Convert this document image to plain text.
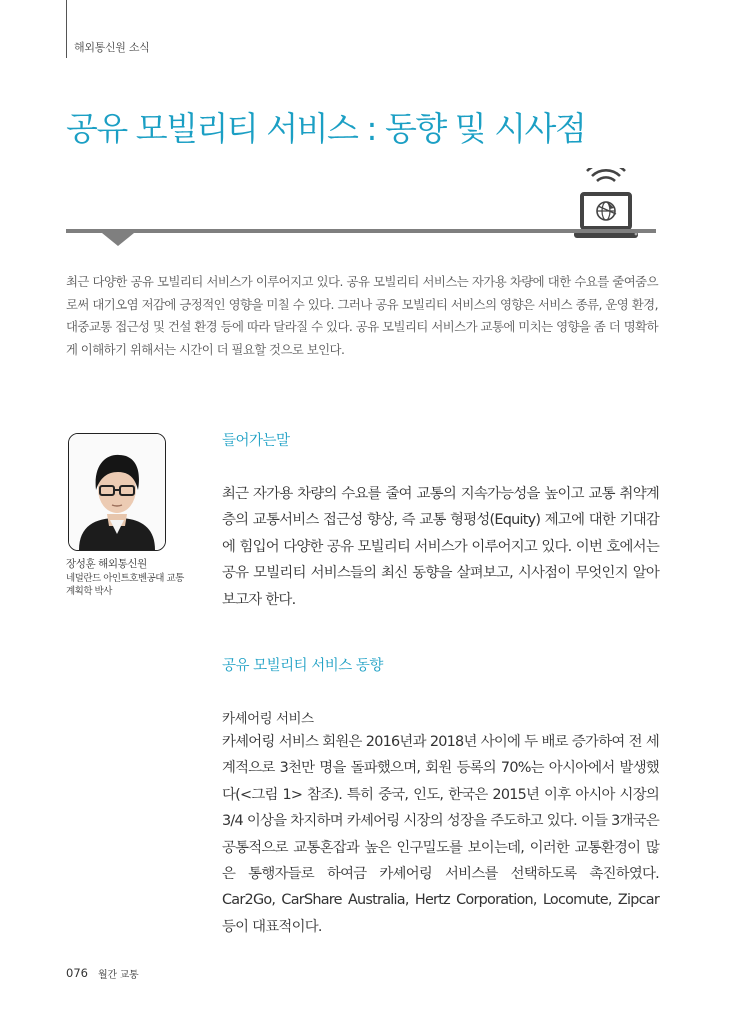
해외통신원 소식
공유 모빌리티 서비스 : 동향 및 시사점

최근 다양한 공유 모빌리티 서비스가 이루어지고 있다. 공유 모빌리티 서비스는 자가용 차량에 대한 수요를 줄여줌으로써 대기오염 저감에 긍정적인 영향을 미칠 수 있다. 그러나 공유 모빌리티 서비스의 영향은 서비스 종류, 운영 환경, 대중교통 접근성 및 건설 환경 등에 따라 달라질 수 있다. 공유 모빌리티 서비스가 교통에 미치는 영향을 좀 더 명확하게 이해하기 위해서는 시간이 더 필요할 것으로 보인다.

장성훈 해외통신원
네덜란드 아인트호벤공대 교통계획학 박사
들어가는말

최근 자가용 차량의 수요를 줄여 교통의 지속가능성을 높이고 교통 취약계층의 교통서비스 접근성 향상, 즉 교통 형평성(Equity) 제고에 대한 기대감에 힘입어 다양한 공유 모빌리티 서비스가 이루어지고 있다. 이번 호에서는 공유 모빌리티 서비스들의 최신 동향을 살펴보고, 시사점이 무엇인지 알아보고자 한다.

공유 모빌리티 서비스 동향
카셰어링 서비스

카셰어링 서비스 회원은 2016년과 2018년 사이에 두 배로 증가하여 전 세계적으로 3천만 명을 돌파했으며, 회원 등록의 70%는 아시아에서 발생했다(<그림 1> 참조). 특히 중국, 인도, 한국은 2015년 이후 아시아 시장의 3/4 이상을 차지하며 카셰어링 시장의 성장을 주도하고 있다. 이들 3개국은 공통적으로 교통혼잡과 높은 인구밀도를 보이는데, 이러한 교통환경이 많은 통행자들로 하여금 카셰어링 서비스를 선택하도록 촉진하였다. Car2Go, CarShare Australia, Hertz Corporation, Locomute, Zipcar 등이 대표적이다.

076 월간 교통
